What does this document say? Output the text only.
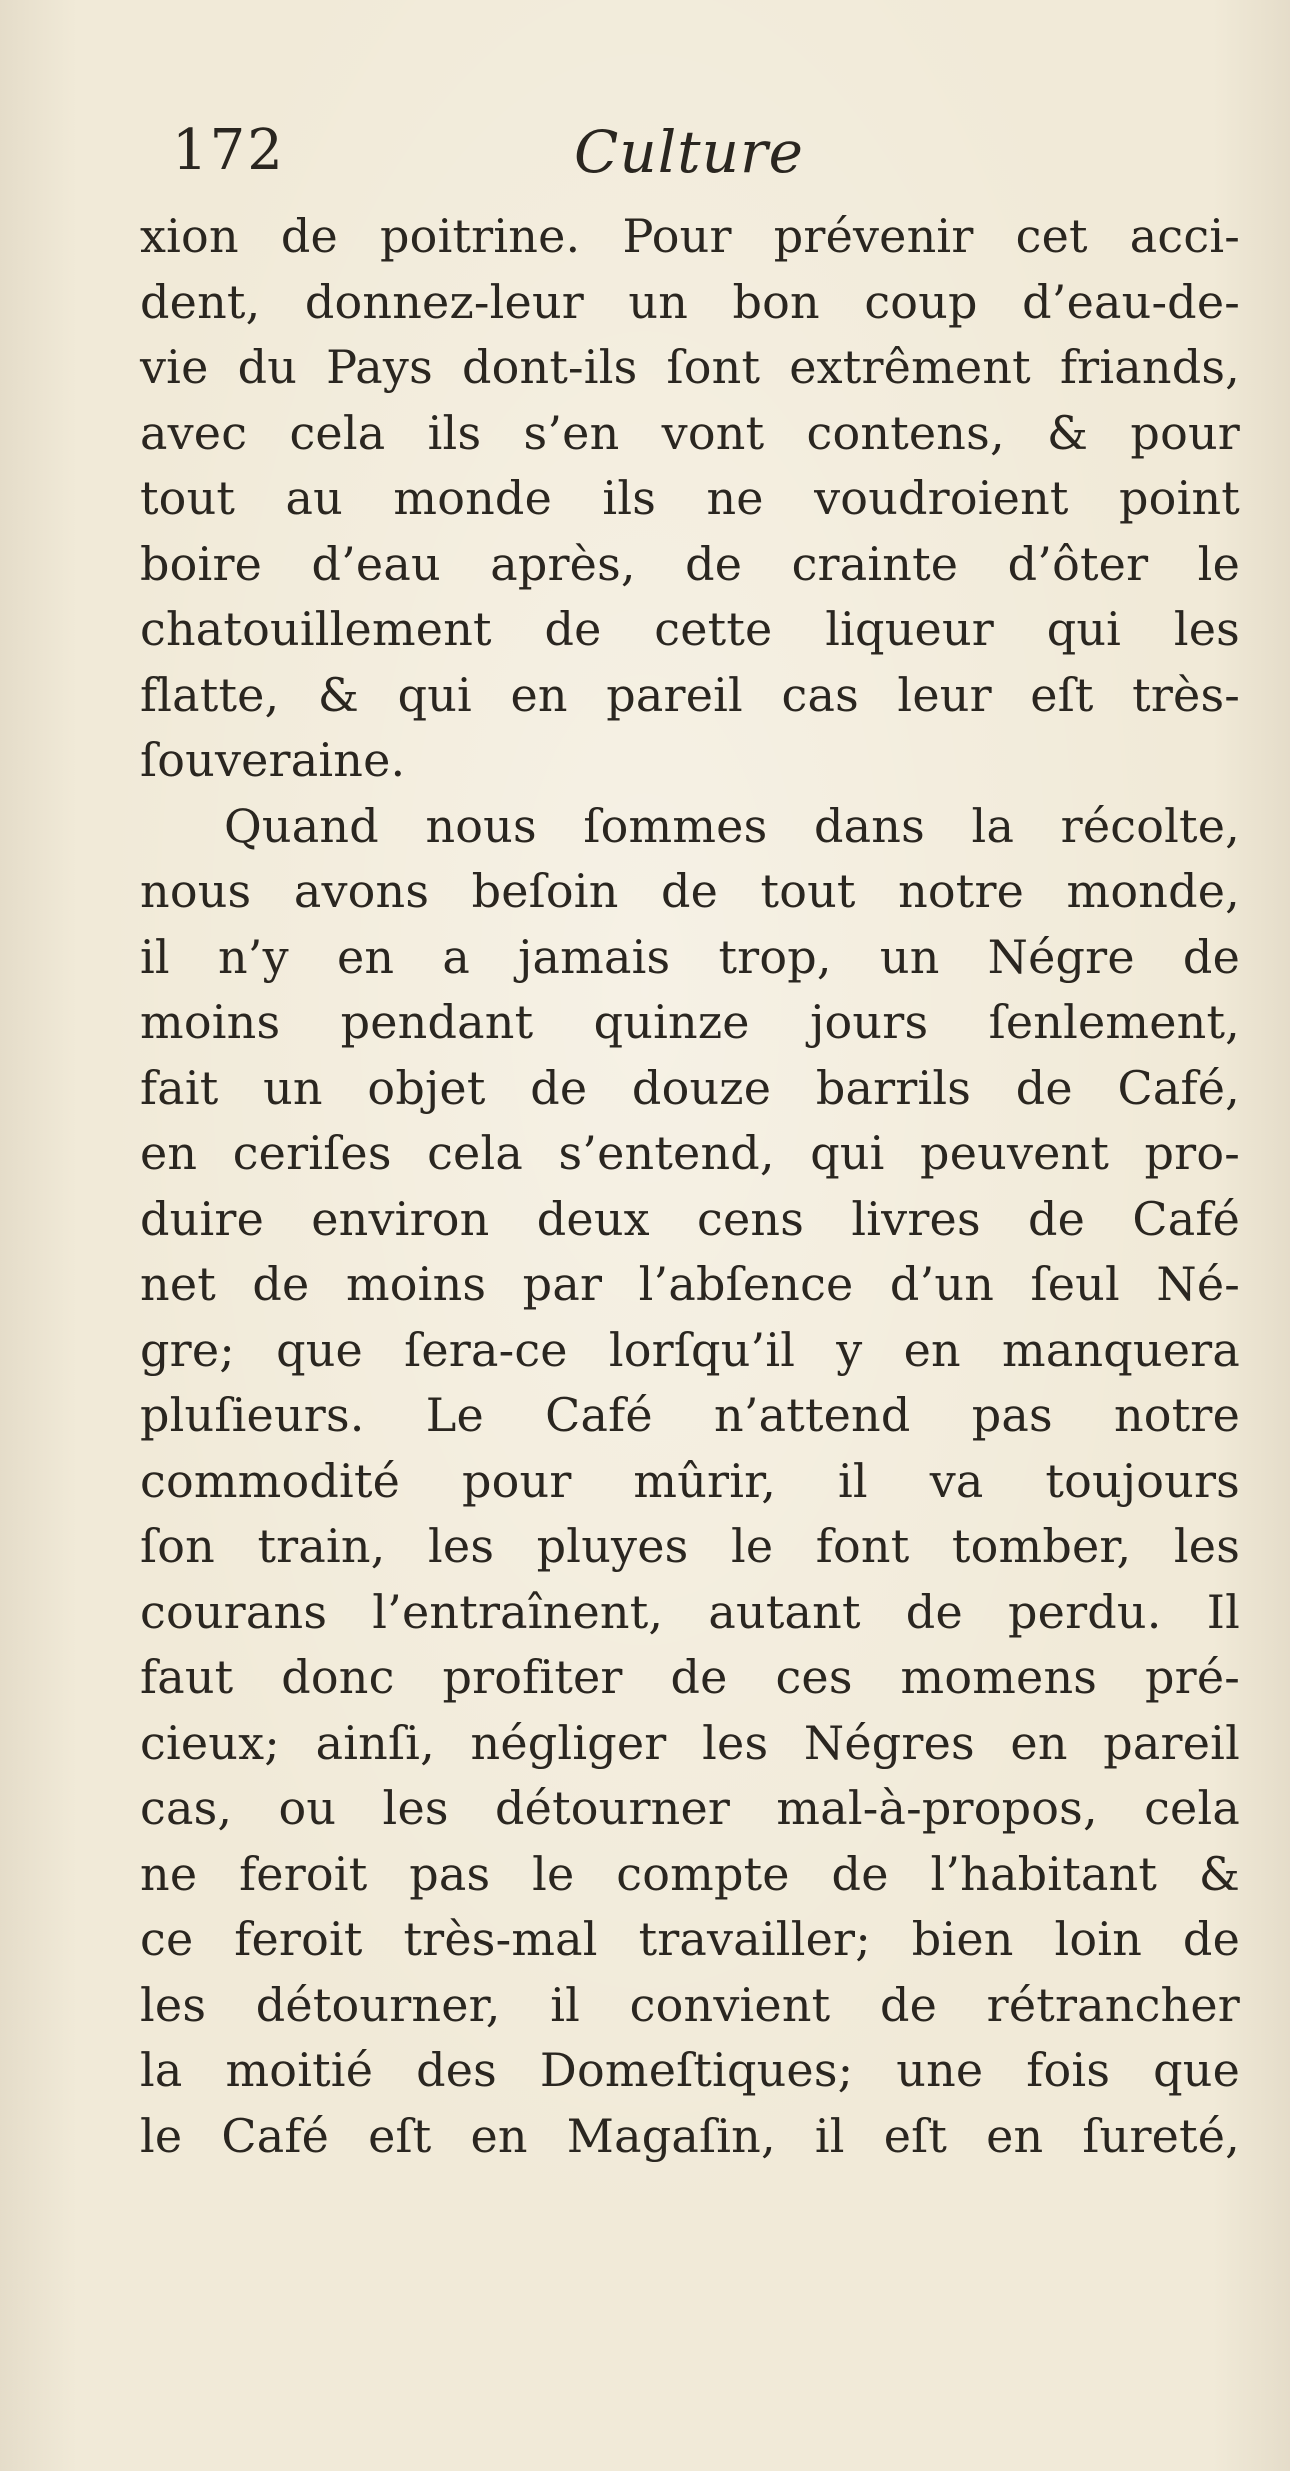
172	Culture
xion de poitrine. Pour prévenir cet acci-
dent, donnez-leur un bon coup d’eau-de-
vie du Pays dont-ils ſont extrêment friands,
avec cela ils s’en vont contens, & pour
tout au monde ils ne voudroient point
boire d’eau après, de crainte d’ôter le
chatouillement de cette liqueur qui les
flatte, & qui en pareil cas leur eſt très-
ſouveraine.
Quand nous ſommes dans la récolte,
nous avons beſoin de tout notre monde,
il n’y en a jamais trop, un Négre de
moins pendant quinze jours ſenlement,
fait un objet de douze barrils de Café,
en ceriſes cela s’entend, qui peuvent pro-
duire environ deux cens livres de Café
net de moins par l’abſence d’un ſeul Né-
gre; que ſera-ce lorſqu’il y en manquera
pluſieurs. Le Café n’attend pas notre
commodité pour mûrir, il va toujours
ſon train, les pluyes le font tomber, les
courans l’entraînent, autant de perdu. Il
faut donc profiter de ces momens pré-
cieux; ainſi, négliger les Négres en pareil
cas, ou les détourner mal-à-propos, cela
ne feroit pas le compte de l’habitant &
ce feroit très-mal travailler; bien loin de
les détourner, il convient de rétrancher
la moitié des Domeſtiques; une fois que
le Café eſt en Magaſin, il eſt en ſureté,
